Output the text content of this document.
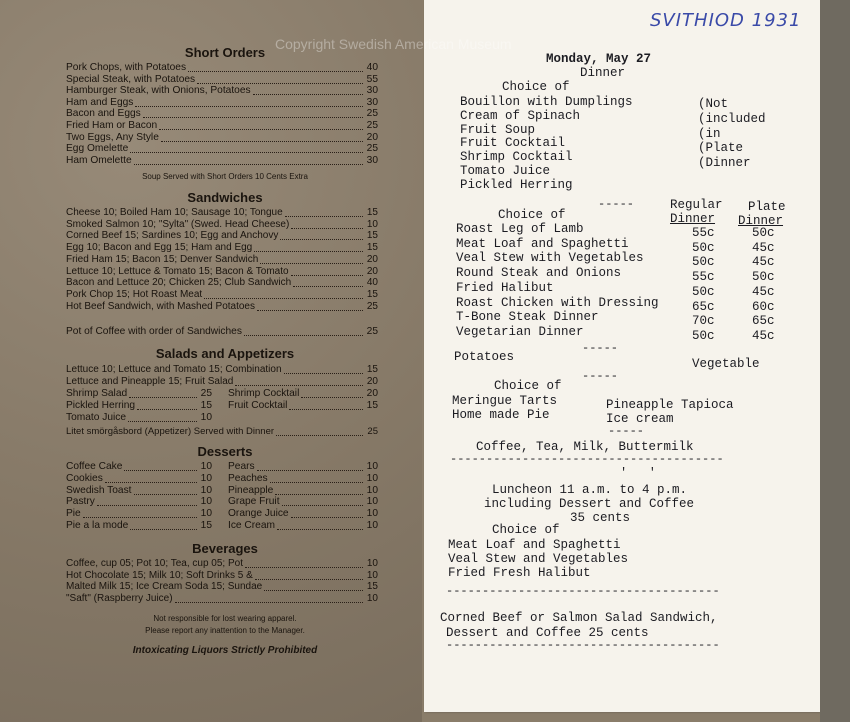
Copyright Swedish American Museum
SVITHIOD 1931
Short Orders
Pork Chops, with Potatoes	40
Special Steak, with Potatoes	55
Hamburger Steak, with Onions, Potatoes	30
Ham and Eggs	30
Bacon and Eggs	25
Fried Ham or Bacon	25
Two Eggs, Any Style	20
Egg Omelette	25
Ham Omelette	30
Soup Served with Short Orders 10 Cents Extra
Sandwiches
Cheese 10; Boiled Ham 10; Sausage 10; Tongue	15
Smoked Salmon 10; "Sylta" (Swed. Head Cheese)	10
Corned Beef 15; Sardines 10; Egg and Anchovy	15
Egg 10; Bacon and Egg 15; Ham and Egg	15
Fried Ham 15; Bacon 15; Denver Sandwich	20
Lettuce 10; Lettuce & Tomato 15; Bacon & Tomato	20
Bacon and Lettuce 20; Chicken 25; Club Sandwich	40
Pork Chop 15; Hot Roast Meat	15
Hot Beef Sandwich, with Mashed Potatoes	25
Pot of Coffee with order of Sandwiches	25
Salads and Appetizers
Lettuce 10; Lettuce and Tomato 15; Combination	15
Lettuce and Pineapple 15; Fruit Salad	20
Shrimp Salad	25 Shrimp Cocktail	20
Pickled Herring	15 Fruit Cocktail	15
Tomato Juice	10
Litet smörgåsbord (Appetizer) Served with Dinner	25
Desserts
Coffee Cake	10 Pears	10
Cookies	10 Peaches	10
Swedish Toast	10 Pineapple	10
Pastry	10 Grape Fruit	10
Pie	10 Orange Juice	10
Pie a la mode	15 Ice Cream	10
Beverages
Coffee, cup 05; Pot 10; Tea, cup 05; Pot	10
Hot Chocolate 15; Milk 10; Soft Drinks 5 &	10
Malted Milk 15; Ice Cream Soda 15; Sundae	15
"Saft" (Raspberry Juice)	10
Not responsible for lost wearing apparel.
Please report any inattention to the Manager.
Intoxicating Liquors Strictly Prohibited
Monday, May 27
Dinner
Choice of
Bouillon with Dumplings
Cream of Spinach
Fruit Soup
Fruit Cocktail
Shrimp Cocktail
Tomato Juice
Pickled Herring
(Not
(included
(in
(Plate
(Dinner
-----	Regular
Dinner
Plate
Dinner
Choice of
Roast Leg of Lamb	55c	50c
Meat Loaf and Spaghetti	50c	45c
Veal Stew with Vegetables	50c	45c
Round Steak and Onions	55c	50c
Fried Halibut	50c	45c
Roast Chicken with Dressing	65c	60c
T-Bone Steak Dinner	70c	65c
Vegetarian Dinner	50c	45c
-----
Potatoes	Vegetable
-----
Choice of
Meringue Tarts
Home made Pie
Pineapple Tapioca
Ice cream
-----
Coffee, Tea, Milk, Buttermilk
--------------------------------------
'   '
Luncheon 11 a.m. to 4 p.m.
including Dessert and Coffee
35 cents
Choice of
Meat Loaf and Spaghetti
Veal Stew and Vegetables
Fried Fresh Halibut
--------------------------------------
Corned Beef or Salmon Salad Sandwich,
Dessert and Coffee 25 cents
--------------------------------------
